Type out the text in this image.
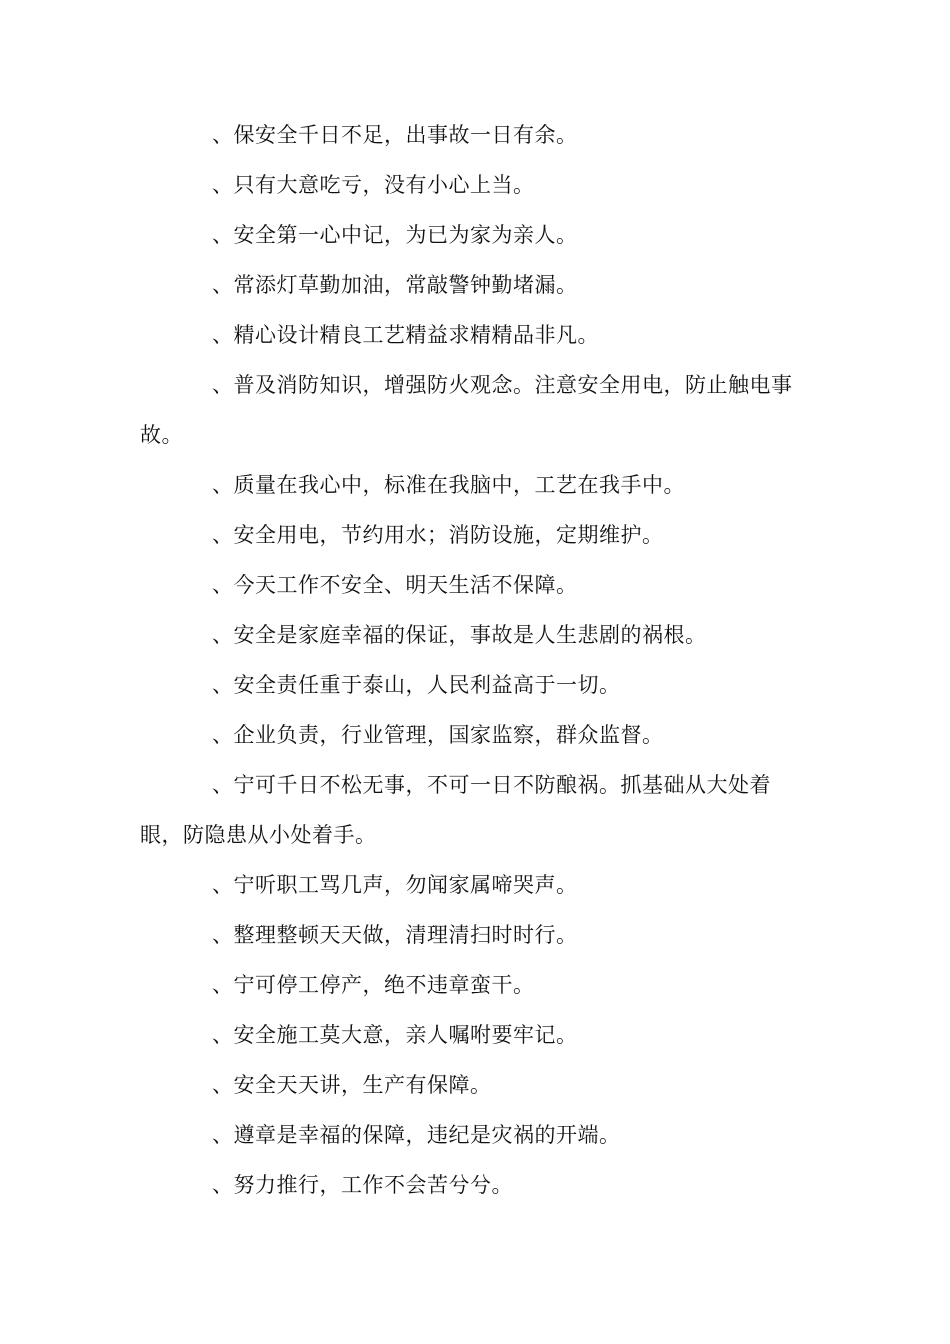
、保安全千日不足，出事故一日有余。

、只有大意吃亏，没有小心上当。

、安全第一心中记，为已为家为亲人。

、常添灯草勤加油，常敲警钟勤堵漏。

、精心设计精良工艺精益求精精品非凡。

、普及消防知识，增强防火观念。注意安全用电，防止触电事故。

、质量在我心中，标准在我脑中，工艺在我手中。

、安全用电，节约用水；消防设施，定期维护。

、今天工作不安全、明天生活不保障。

、安全是家庭幸福的保证，事故是人生悲剧的祸根。

、安全责任重于泰山，人民利益高于一切。

、企业负责，行业管理，国家监察，群众监督。

、宁可千日不松无事，不可一日不防酿祸。抓基础从大处着眼，防隐患从小处着手。

、宁听职工骂几声，勿闻家属啼哭声。

、整理整顿天天做，清理清扫时时行。

、宁可停工停产，绝不违章蛮干。

、安全施工莫大意，亲人嘱咐要牢记。

、安全天天讲，生产有保障。

、遵章是幸福的保障，违纪是灾祸的开端。

、努力推行，工作不会苦兮兮。
